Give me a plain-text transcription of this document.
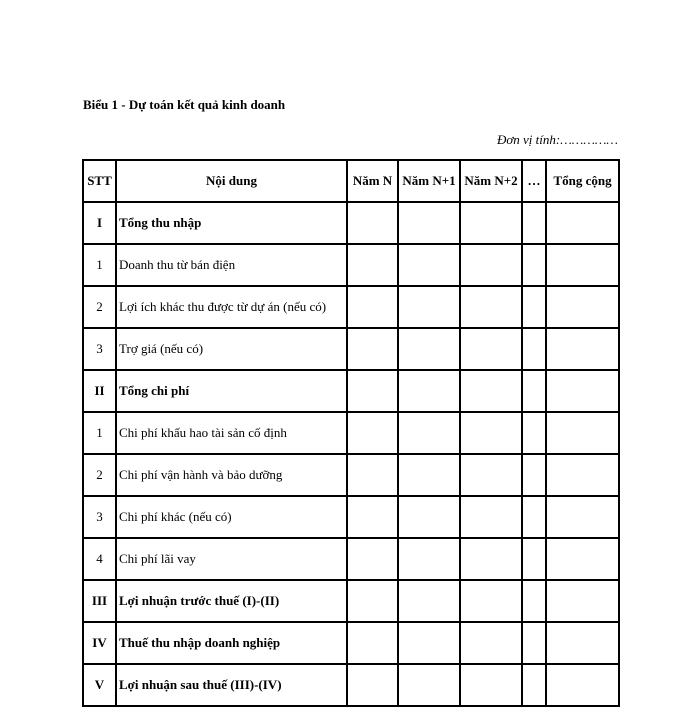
Biểu 1 - Dự toán kết quả kinh doanh
Đơn vị tính:……………
STT	Nội dung	Năm N	Năm N+1	Năm N+2	…	Tổng cộng
I	Tổng thu nhập					
1	Doanh thu từ bán điện					
2	Lợi ích khác thu được từ dự án (nếu có)					
3	Trợ giá (nếu có)					
II	Tổng chi phí					
1	Chi phí khấu hao tài sản cố định					
2	Chi phí vận hành và bảo dưỡng					
3	Chi phí khác (nếu có)					
4	Chi phí lãi vay					
III	Lợi nhuận trước thuế (I)-(II)					
IV	Thuế thu nhập doanh nghiệp					
V	Lợi nhuận sau thuế (III)-(IV)					
